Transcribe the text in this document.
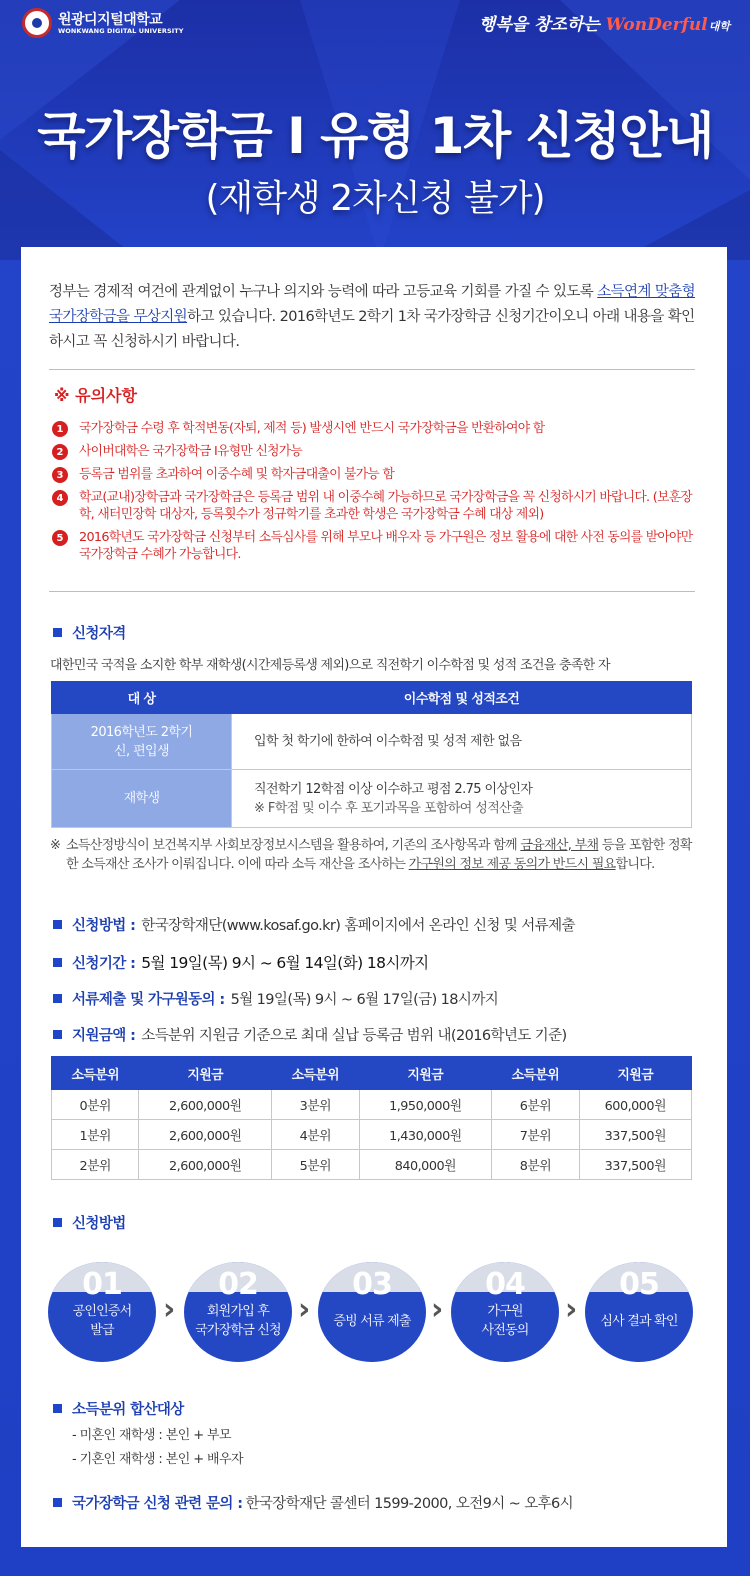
원광디지털대학교
WONKWANG DIGITAL UNIVERSITY	행복을 창조하는 WonDerful 대학
국가장학금 I 유형 1차 신청안내
(재학생 2차신청 불가)
정부는 경제적 여건에 관계없이 누구나 의지와 능력에 따라 고등교육 기회를 가질 수 있도록 소득연계 맞춤형 국가장학금을 무상지원하고 있습니다. 2016학년도 2학기 1차 국가장학금 신청기간이오니 아래 내용을 확인하시고 꼭 신청하시기 바랍니다.
※ 유의사항
1	국가장학금 수령 후 학적변동(자퇴, 제적 등) 발생시엔 반드시 국가장학금을 반환하여야 함
2	사이버대학은 국가장학금 I유형만 신청가능
3	등록금 범위를 초과하여 이중수혜 및 학자금대출이 불가능 함
4	학교(교내)장학금과 국가장학금은 등록금 범위 내 이중수혜 가능하므로 국가장학금을 꼭 신청하시기 바랍니다. (보훈장학, 새터민장학 대상자, 등록횟수가 정규학기를 초과한 학생은 국가장학금 수혜 대상 제외)
5	2016학년도 국가장학금 신청부터 소득심사를 위해 부모나 배우자 등 가구원은 정보 활용에 대한 사전 동의를 받아야만 국가장학금 수혜가 가능합니다.
신청자격
대한민국 국적을 소지한 학부 재학생(시간제등록생 제외)으로 직전학기 이수학점 및 성적 조건을 충족한 자
대 상	이수학점 및 성적조건

2016학년도 2학기
신, 편입생	입학 첫 학기에 한하여 이수학점 및 성적 제한 없음
재학생	직전학기 12학점 이상 이수하고 평점 2.75 이상인자
※ F학점 및 이수 후 포기과목을 포함하여 성적산출
※ 소득산정방식이 보건복지부 사회보장정보시스템을 활용하여, 기존의 조사항목과 함께 금융재산, 부채 등을 포함한 정확한 소득재산 조사가 이뤄집니다. 이에 따라 소득 재산을 조사하는 가구원의 정보 제공 동의가 반드시 필요합니다.
신청방법 : 한국장학재단(www.kosaf.go.kr) 홈페이지에서 온라인 신청 및 서류제출
신청기간 : 5월 19일(목) 9시 ~ 6월 14일(화) 18시까지
서류제출 및 가구원동의 : 5월 19일(목) 9시 ~ 6월 17일(금) 18시까지
지원금액 : 소득분위 지원금 기준으로 최대 실납 등록금 범위 내(2016학년도 기준)
소득분위	지원금	소득분위	지원금	소득분위	지원금
0분위	2,600,000원	3분위	1,950,000원	6분위	600,000원
1분위	2,600,000원	4분위	1,430,000원	7분위	337,500원
2분위	2,600,000원	5분위	840,000원	8분위	337,500원
신청방법
01
공인인증서
발급
›
02
회원가입 후
국가장학금 신청
›
03
증빙 서류 제출 ›
04
가구원
사전동의
›
05
심사 결과 확인
소득분위 합산대상
- 미혼인 재학생 : 본인 + 부모
- 기혼인 재학생 : 본인 + 배우자
국가장학금 신청 관련 문의 : 한국장학재단 콜센터 1599-2000, 오전9시 ~ 오후6시
